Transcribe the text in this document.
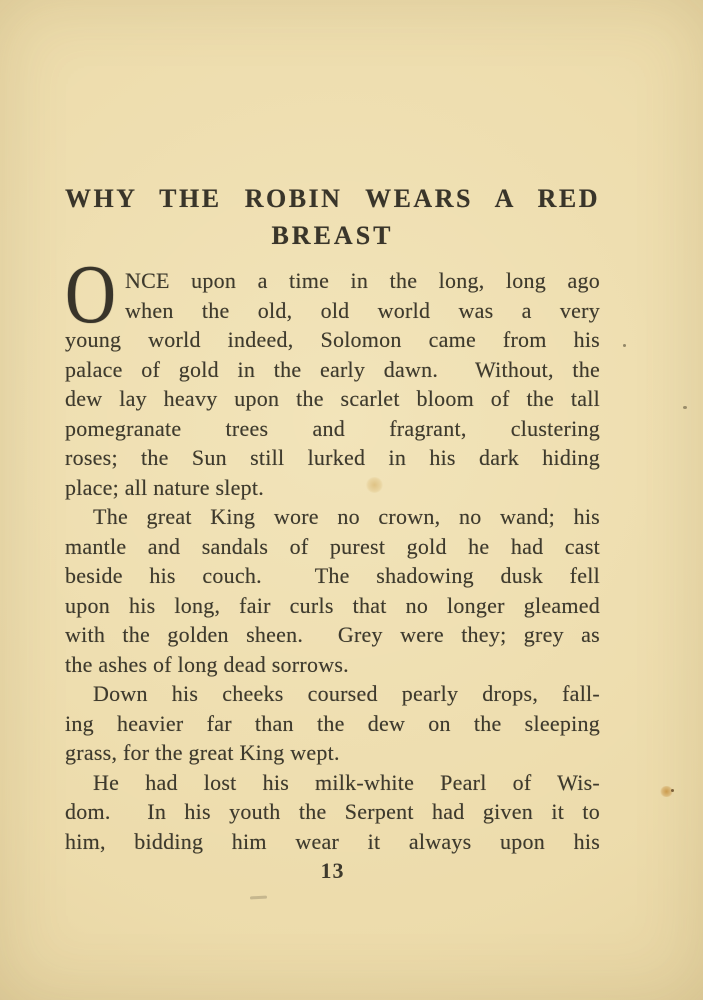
WHY THE ROBIN WEARS A RED
BREAST
O NCE upon a time in the long, long ago
when the old, old world was a very
young world indeed, Solomon came from his
palace of gold in the early dawn.  Without, the
dew lay heavy upon the scarlet bloom of the tall
pomegranate trees and fragrant, clustering
roses; the Sun still lurked in his dark hiding
place; all nature slept.
The great King wore no crown, no wand; his
mantle and sandals of purest gold he had cast
beside his couch.  The shadowing dusk fell
upon his long, fair curls that no longer gleamed
with the golden sheen.  Grey were they; grey as
the ashes of long dead sorrows.
Down his cheeks coursed pearly drops, fall-
ing heavier far than the dew on the sleeping
grass, for the great King wept.
He had lost his milk-white Pearl of Wis-
dom.  In his youth the Serpent had given it to
him, bidding him wear it always upon his
13
